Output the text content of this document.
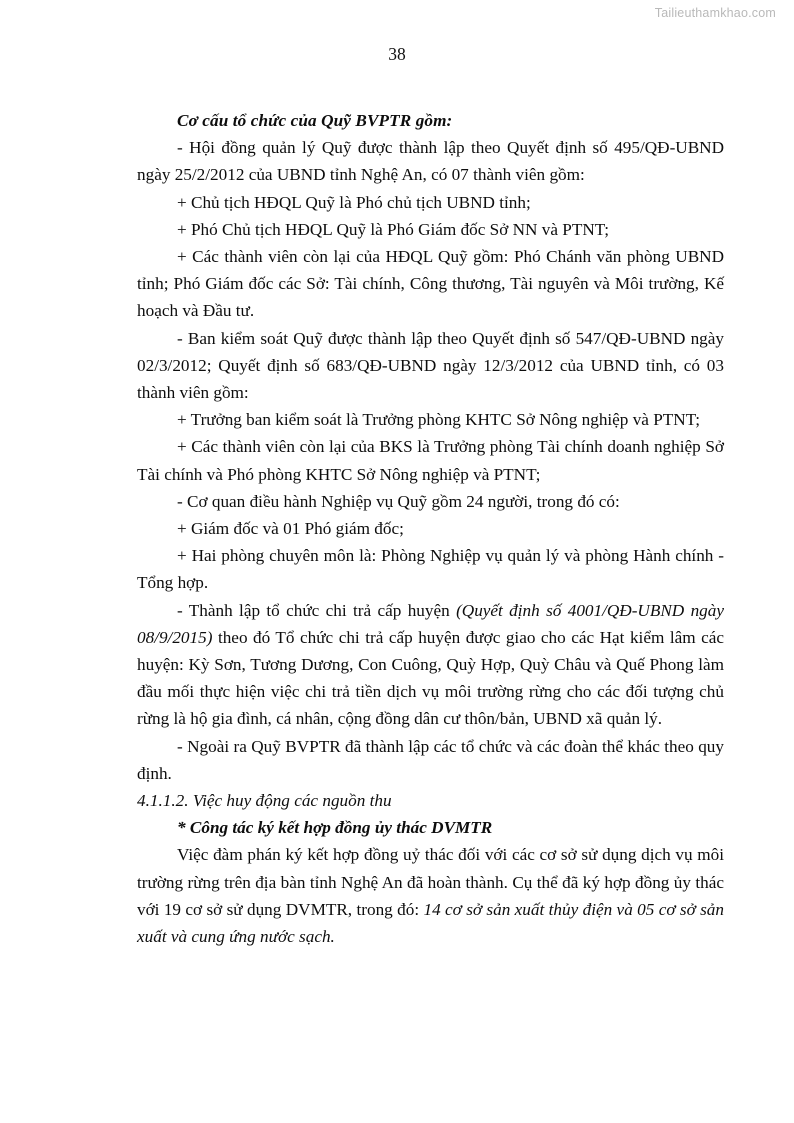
Tailieuthamkhao.com
38

Cơ cấu tổ chức của Quỹ BVPTR gồm:

- Hội đồng quản lý Quỹ được thành lập theo Quyết định số 495/QĐ-UBND ngày 25/2/2012 của UBND tỉnh Nghệ An, có 07 thành viên gồm:

+ Chủ tịch HĐQL Quỹ là Phó chủ tịch UBND tỉnh;

+ Phó Chủ tịch HĐQL Quỹ là Phó Giám đốc Sở NN và PTNT;

+ Các thành viên còn lại của HĐQL Quỹ gồm: Phó Chánh văn phòng UBND tỉnh; Phó Giám đốc các Sở: Tài chính, Công thương, Tài nguyên và Môi trường, Kế hoạch và Đầu tư.

- Ban kiểm soát Quỹ được thành lập theo Quyết định số 547/QĐ-UBND ngày 02/3/2012; Quyết định số 683/QĐ-UBND ngày 12/3/2012 của UBND tỉnh, có 03 thành viên gồm:

+ Trưởng ban kiểm soát là Trưởng phòng KHTC Sở Nông nghiệp và PTNT;

+ Các thành viên còn lại của BKS là Trưởng phòng Tài chính doanh nghiệp Sở Tài chính và Phó phòng KHTC Sở Nông nghiệp và PTNT;

- Cơ quan điều hành Nghiệp vụ Quỹ gồm 24 người, trong đó có:

+ Giám đốc và 01 Phó giám đốc;

+ Hai phòng chuyên môn là: Phòng Nghiệp vụ quản lý và phòng Hành chính - Tổng hợp.

- Thành lập tổ chức chi trả cấp huyện (Quyết định số 4001/QĐ-UBND ngày 08/9/2015) theo đó Tổ chức chi trả cấp huyện được giao cho các Hạt kiểm lâm các huyện: Kỳ Sơn, Tương Dương, Con Cuông, Quỳ Hợp, Quỳ Châu và Quế Phong làm đầu mối thực hiện việc chi trả tiền dịch vụ môi trường rừng cho các đối tượng chủ rừng là hộ gia đình, cá nhân, cộng đồng dân cư thôn/bản, UBND xã quản lý.

- Ngoài ra Quỹ BVPTR đã thành lập các tổ chức và các đoàn thể khác theo quy định.

4.1.1.2. Việc huy động các nguồn thu

* Công tác ký kết hợp đồng ủy thác DVMTR

Việc đàm phán ký kết hợp đồng uỷ thác đối với các cơ sở sử dụng dịch vụ môi trường rừng trên địa bàn tỉnh Nghệ An đã hoàn thành. Cụ thể đã ký hợp đồng ủy thác với 19 cơ sở sử dụng DVMTR, trong đó: 14 cơ sở sản xuất thủy điện và 05 cơ sở sản xuất và cung ứng nước sạch.
